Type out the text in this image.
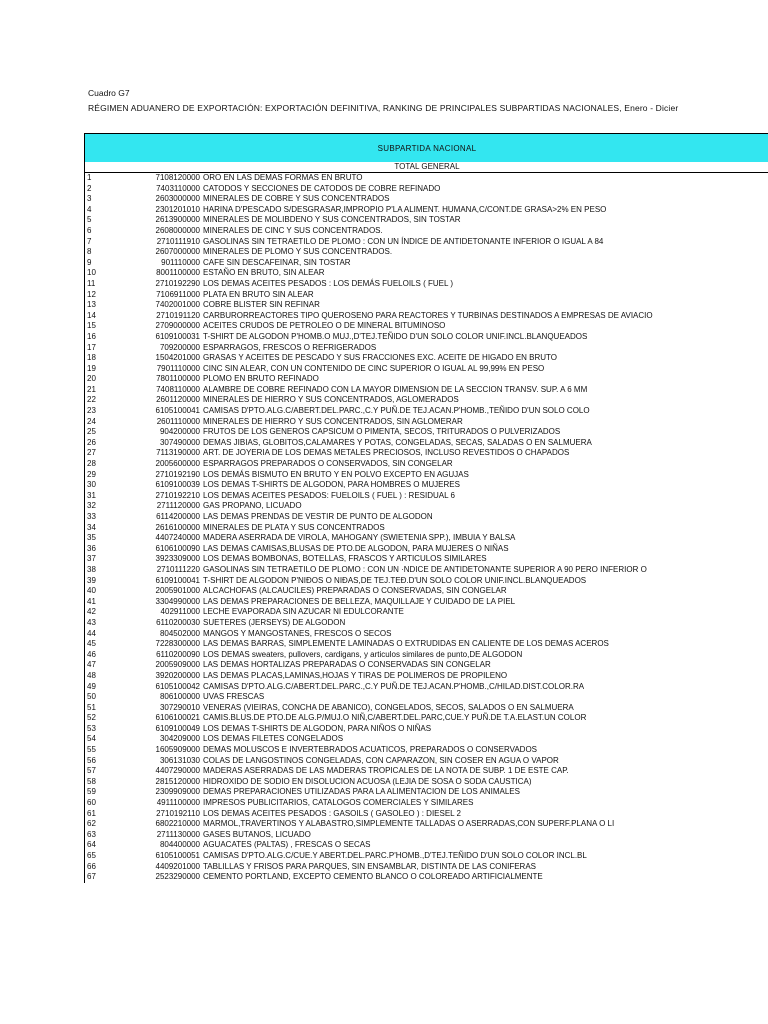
Cuadro G7
RÉGIMEN ADUANERO DE EXPORTACIÓN: EXPORTACIÓN DEFINITIVA, RANKING DE PRINCIPALES SUBPARTIDAS NACIONALES, Enero - Dicier
SUBPARTIDA NACIONAL
TOTAL GENERAL
1	7108120000 ORO EN LAS DEMAS FORMAS EN BRUTO
2	7403110000 CATODOS Y SECCIONES DE CATODOS DE COBRE REFINADO
3	2603000000 MINERALES DE COBRE Y SUS CONCENTRADOS
4	2301201010 HARINA D'PESCADO S/DESGRASAR,IMPROPIO P'LA ALIMENT. HUMANA,C/CONT.DE GRASA>2% EN PESO
5	2613900000 MINERALES DE MOLIBDENO Y SUS CONCENTRADOS, SIN TOSTAR
6	2608000000 MINERALES DE CINC Y SUS CONCENTRADOS.
7	2710111910 GASOLINAS SIN TETRAETILO DE PLOMO : CON UN ÍNDICE DE ANTIDETONANTE INFERIOR O IGUAL A 84
8	2607000000 MINERALES DE PLOMO Y SUS CONCENTRADOS.
9	901110000 CAFE SIN DESCAFEINAR, SIN TOSTAR
10	8001100000 ESTAÑO EN BRUTO, SIN ALEAR
11	2710192290 LOS DEMAS ACEITES PESADOS : LOS DEMÁS FUELOILS ( FUEL )
12	7106911000 PLATA EN BRUTO SIN ALEAR
13	7402001000 COBRE BLISTER SIN REFINAR
14	2710191120 CARBURORREACTORES TIPO QUEROSENO PARA REACTORES Y TURBINAS DESTINADOS A EMPRESAS DE AVIACIO
15	2709000000 ACEITES CRUDOS DE PETROLEO O DE MINERAL BITUMINOSO
16	6109100031 T-SHIRT DE ALGODON P'HOMB.O MUJ.,D'TEJ.TEÑIDO D'UN SOLO COLOR UNIF.INCL.BLANQUEADOS
17	709200000 ESPARRAGOS, FRESCOS O REFRIGERADOS
18	1504201000 GRASAS Y ACEITES DE PESCADO Y SUS FRACCIONES EXC. ACEITE DE HIGADO EN BRUTO
19	7901110000 CINC SIN ALEAR, CON UN CONTENIDO DE CINC SUPERIOR O IGUAL AL 99,99% EN PESO
20	7801100000 PLOMO EN BRUTO REFINADO
21	7408110000 ALAMBRE DE COBRE REFINADO CON LA MAYOR DIMENSION DE LA SECCION TRANSV. SUP. A 6 MM
22	2601120000 MINERALES DE HIERRO Y SUS CONCENTRADOS, AGLOMERADOS
23	6105100041 CAMISAS D'PTO.ALG.C/ABERT.DEL.PARC.,C.Y PUÑ.DE TEJ.ACAN.P'HOMB.,TEÑIDO D'UN SOLO COLO
24	2601110000 MINERALES DE HIERRO Y SUS CONCENTRADOS, SIN AGLOMERAR
25	904200000 FRUTOS DE LOS GENEROS CAPSICUM O PIMENTA, SECOS, TRITURADOS O PULVERIZADOS
26	307490000 DEMAS JIBIAS, GLOBITOS,CALAMARES Y POTAS, CONGELADAS, SECAS, SALADAS O EN SALMUERA
27	7113190000 ART. DE JOYERIA DE LOS DEMAS METALES PRECIOSOS, INCLUSO REVESTIDOS O CHAPADOS
28	2005600000 ESPARRAGOS PREPARADOS O CONSERVADOS, SIN CONGELAR
29	2710192190 LOS DEMÁS BISMUTO EN BRUTO Y EN POLVO EXCEPTO EN AGUJAS
30	6109100039 LOS DEMAS T-SHIRTS DE ALGODON, PARA HOMBRES O MUJERES
31	2710192210 LOS DEMAS ACEITES PESADOS: FUELOILS ( FUEL ) : RESIDUAL 6
32	2711120000 GAS PROPANO, LICUADO
33	6114200000 LAS DEMAS PRENDAS DE VESTIR DE PUNTO DE ALGODON
34	2616100000 MINERALES DE PLATA Y SUS CONCENTRADOS
35	4407240000 MADERA ASERRADA DE VIROLA, MAHOGANY (SWIETENIA SPP.), IMBUIA Y BALSA
36	6106100090 LAS DEMAS CAMISAS,BLUSAS DE PTO.DE ALGODON, PARA MUJERES O NIÑAS
37	3923309000 LOS DEMAS BOMBONAS, BOTELLAS, FRASCOS Y ARTICULOS SIMILARES
38	2710111220 GASOLINAS SIN TETRAETILO DE PLOMO : CON UN ·NDICE DE ANTIDETONANTE SUPERIOR A 90 PERO INFERIOR O
39	6109100041 T-SHIRT DE ALGODON P'NIÐOS O NIÐAS,DE TEJ.TEÐ.D'UN SOLO COLOR UNIF.INCL.BLANQUEADOS
40	2005901000 ALCACHOFAS (ALCAUCILES) PREPARADAS O CONSERVADAS, SIN CONGELAR
41	3304990000 LAS DEMAS PREPARACIONES DE BELLEZA, MAQUILLAJE Y CUIDADO DE LA PIEL
42	402911000 LECHE EVAPORADA SIN AZUCAR NI EDULCORANTE
43	6110200030 SUETERES (JERSEYS) DE ALGODON
44	804502000 MANGOS Y MANGOSTANES, FRESCOS O SECOS
45	7228300000 LAS DEMAS BARRAS, SIMPLEMENTE LAMINADAS O EXTRUDIDAS EN CALIENTE DE LOS DEMAS ACEROS
46	6110200090 LOS DEMAS sweaters, pullovers, cardigans, y articulos similares de punto,DE ALGODON
47	2005909000 LAS DEMAS HORTALIZAS PREPARADAS O CONSERVADAS SIN CONGELAR
48	3920200000 LAS DEMAS PLACAS,LAMINAS,HOJAS Y TIRAS DE POLIMEROS DE PROPILENO
49	6105100042 CAMISAS D'PTO.ALG.C/ABERT.DEL.PARC.,C.Y PUÑ.DE TEJ.ACAN.P'HOMB.,C/HILAD.DIST.COLOR.RA
50	806100000 UVAS FRESCAS
51	307290010 VENERAS (VIEIRAS, CONCHA DE ABANICO), CONGELADOS, SECOS, SALADOS O EN SALMUERA
52	6106100021 CAMIS.BLUS.DE PTO.DE ALG.P/MUJ.O NIÑ,C/ABERT.DEL.PARC,CUE.Y PUÑ.DE T.A.ELAST.UN COLOR
53	6109100049 LOS DEMAS T-SHIRTS DE ALGODON, PARA NIÑOS O NIÑAS
54	304209000 LOS DEMAS FILETES CONGELADOS
55	1605909000 DEMAS MOLUSCOS E INVERTEBRADOS ACUATICOS, PREPARADOS O CONSERVADOS
56	306131030 COLAS DE LANGOSTINOS CONGELADAS, CON CAPARAZON, SIN COSER EN AGUA O VAPOR
57	4407290000 MADERAS ASERRADAS DE LAS MADERAS TROPICALES DE LA NOTA DE SUBP. 1 DE ESTE CAP.
58	2815120000 HIDROXIDO DE SODIO EN DISOLUCION ACUOSA (LEJIA DE SOSA O SODA CAUSTICA)
59	2309909000 DEMAS PREPARACIONES UTILIZADAS PARA LA ALIMENTACION DE LOS ANIMALES
60	4911100000 IMPRESOS PUBLICITARIOS, CATALOGOS COMERCIALES Y SIMILARES
61	2710192110 LOS DEMAS ACEITES PESADOS : GASOILS ( GASOLEO ) : DIESEL 2
62	6802210000 MARMOL,TRAVERTINOS Y ALABASTRO,SIMPLEMENTE TALLADAS O ASERRADAS,CON SUPERF.PLANA O LI
63	2711130000 GASES BUTANOS, LICUADO
64	804400000 AGUACATES (PALTAS) , FRESCAS O SECAS
65	6105100051 CAMISAS D'PTO.ALG.C/CUE.Y ABERT.DEL.PARC.P'HOMB.,D'TEJ.TEÑIDO D'UN SOLO COLOR INCL.BL
66	4409201000 TABLILLAS Y FRISOS PARA PARQUES, SIN ENSAMBLAR, DISTINTA DE LAS CONIFERAS
67	2523290000 CEMENTO PORTLAND, EXCEPTO CEMENTO BLANCO O COLOREADO ARTIFICIALMENTE
